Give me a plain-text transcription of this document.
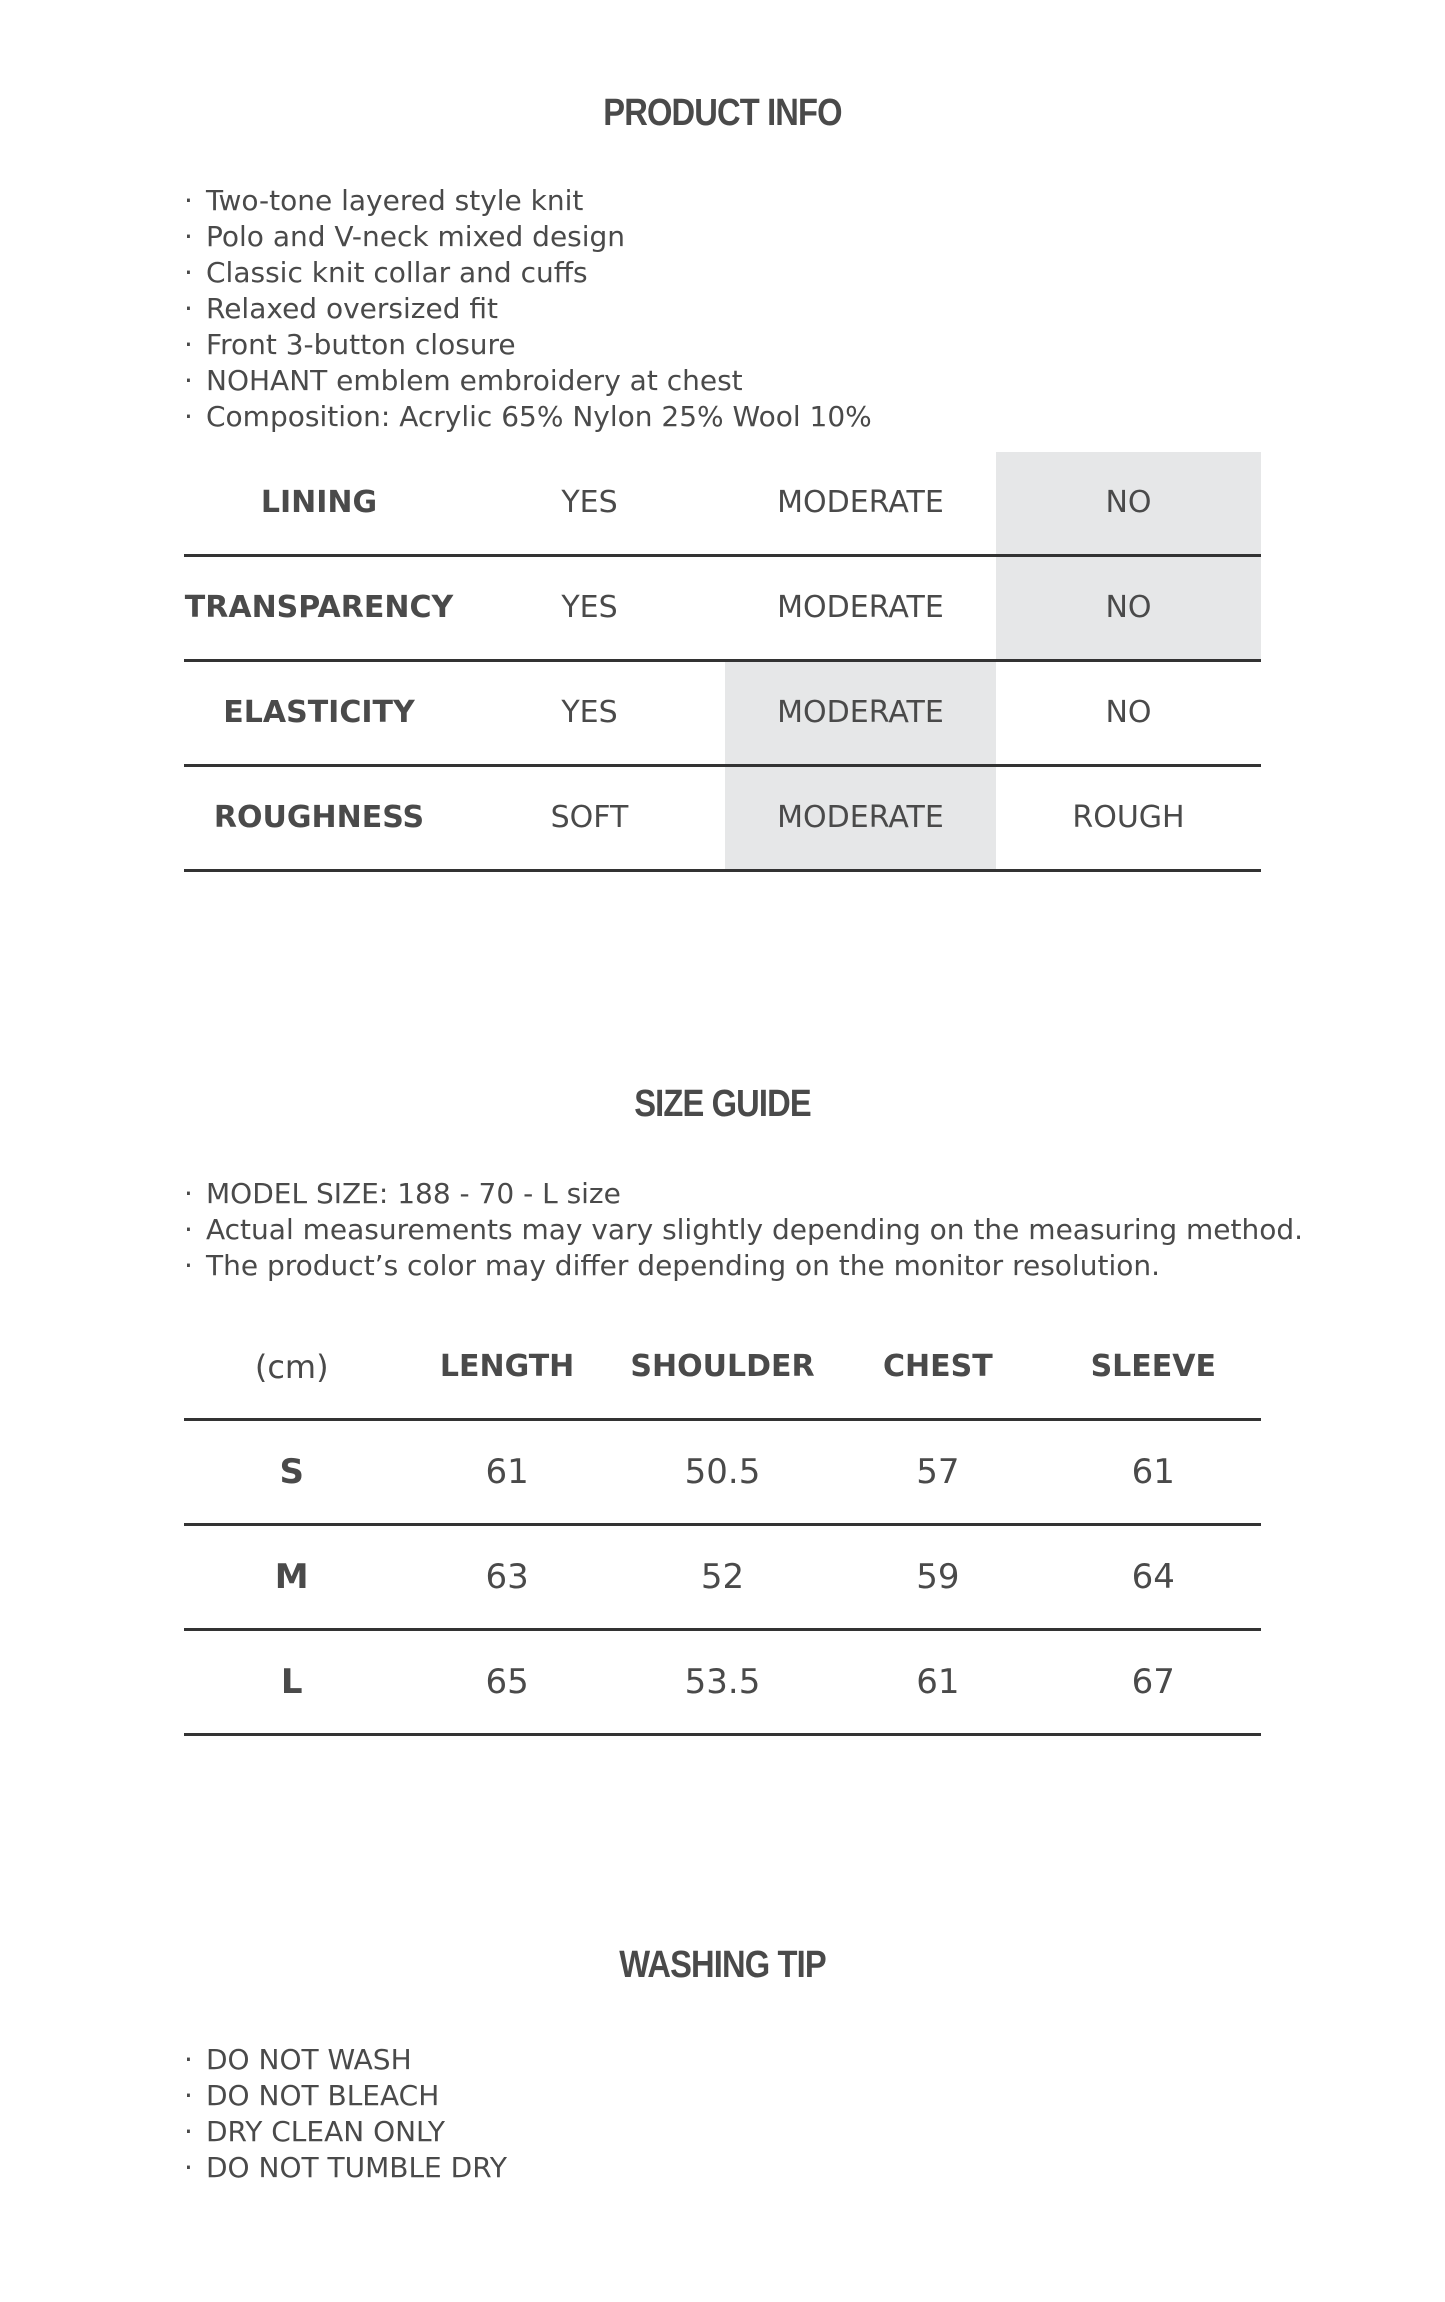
PRODUCT INFO
· Two-tone layered style knit
· Polo and V-neck mixed design
· Classic knit collar and cuffs
· Relaxed oversized fit
· Front 3-button closure
· NOHANT emblem embroidery at chest
· Composition: Acrylic 65% Nylon 25% Wool 10%
LINING	YES	MODERATE	NO
TRANSPARENCY	YES	MODERATE	NO
ELASTICITY	YES	MODERATE	NO
ROUGHNESS	SOFT	MODERATE	ROUGH
SIZE GUIDE
· MODEL SIZE: 188 - 70 - L size
· Actual measurements may vary slightly depending on the measuring method.
· The product’s color may differ depending on the monitor resolution.
(cm)	LENGTH	SHOULDER	CHEST	SLEEVE
S	61	50.5	57	61
M	63	52	59	64
L	65	53.5	61	67
WASHING TIP
· DO NOT WASH
· DO NOT BLEACH
· DRY CLEAN ONLY
· DO NOT TUMBLE DRY
